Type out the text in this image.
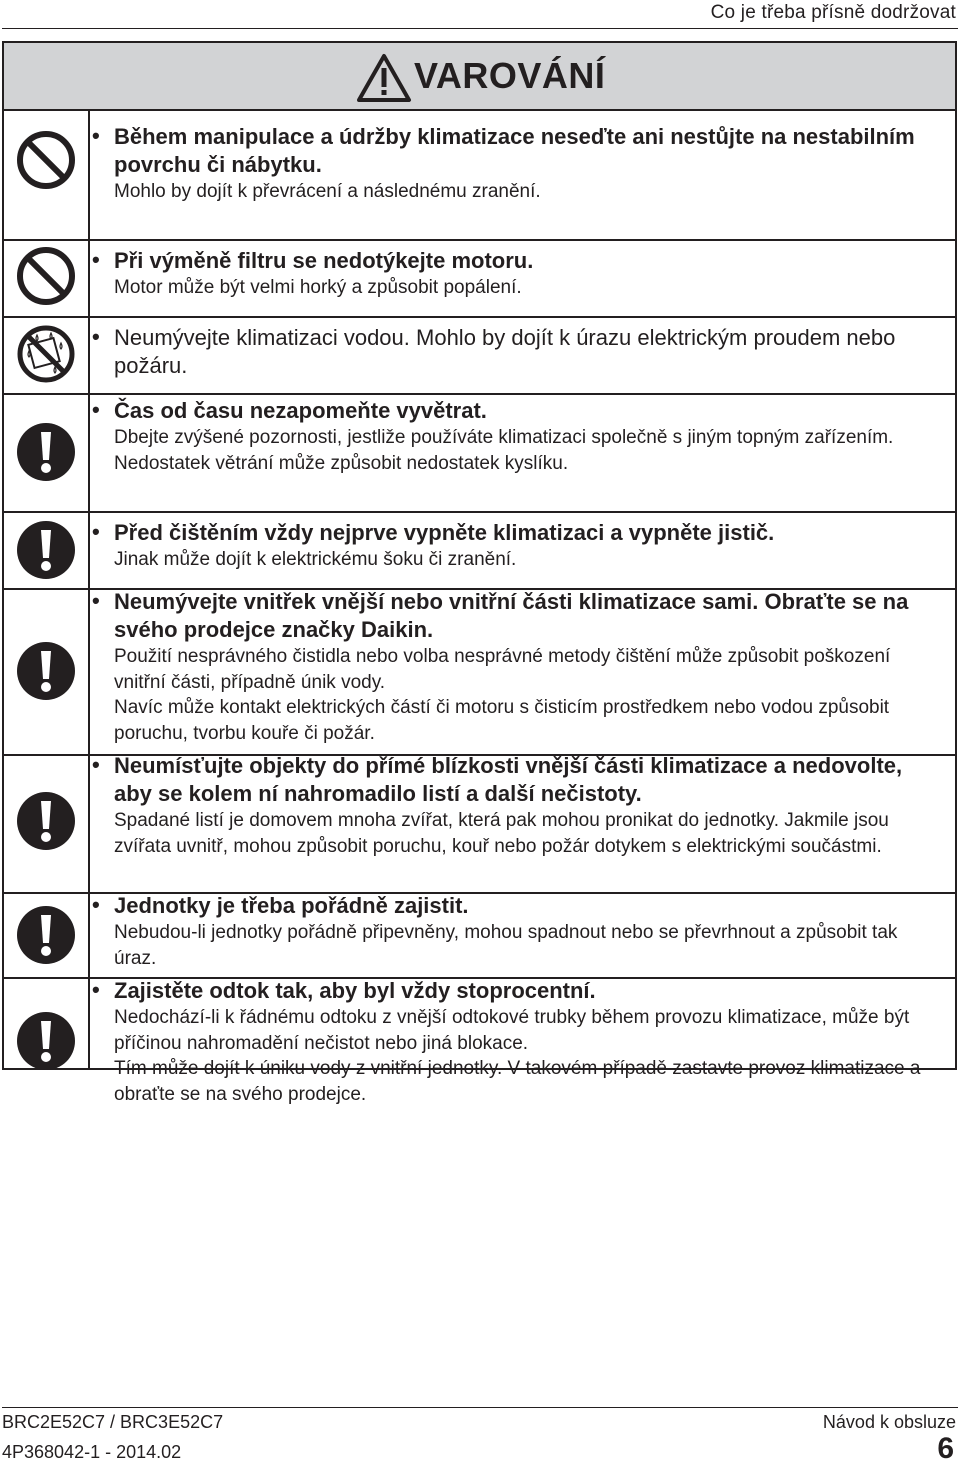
Co je třeba přísně dodržovat
VAROVÁNÍ
• Během manipulace a údržby klimatizace neseďte ani nestůjte na nestabilním povrchu či nábytku.

Mohlo by dojít k převrácení a následnému zranění.

• Při výměně filtru se nedotýkejte motoru.

Motor může být velmi horký a způsobit popálení.

• Neumývejte klimatizaci vodou. Mohlo by dojít k úrazu elektrickým proudem nebo požáru.

• Čas od času nezapomeňte vyvětrat.

Dbejte zvýšené pozornosti, jestliže používáte klimatizaci společně s jiným topným zařízením.

Nedostatek větrání může způsobit nedostatek kyslíku.

• Před čištěním vždy nejprve vypněte klimatizaci a vypněte jistič.

Jinak může dojít k elektrickému šoku či zranění.

• Neumývejte vnitřek vnější nebo vnitřní části klimatizace sami. Obraťte se na svého prodejce značky Daikin.

Použití nesprávného čistidla nebo volba nesprávné metody čištění může způsobit poškození vnitřní části, případně únik vody.

Navíc může kontakt elektrických částí či motoru s čisticím prostředkem nebo vodou způsobit poruchu, tvorbu kouře či požár.

• Neumísťujte objekty do přímé blízkosti vnější části klimatizace a nedovolte, aby se kolem ní nahromadilo listí a další nečistoty.

Spadané listí je domovem mnoha zvířat, která pak mohou pronikat do jednotky. Jakmile jsou zvířata uvnitř, mohou způsobit poruchu, kouř nebo požár dotykem s elektrickými součástmi.

• Jednotky je třeba pořádně zajistit.

Nebudou-li jednotky pořádně připevněny, mohou spadnout nebo se převrhnout a způsobit tak úraz.

• Zajistěte odtok tak, aby byl vždy stoprocentní.

Nedochází-li k řádnému odtoku z vnější odtokové trubky během provozu klimatizace, může být příčinou nahromadění nečistot nebo jiná blokace.

Tím může dojít k úniku vody z vnitřní jednotky. V takovém případě zastavte provoz klimatizace a obraťte se na svého prodejce.

BRC2E52C7 / BRC3E52C7
4P368042-1 - 2014.02
Návod k obsluze
6
